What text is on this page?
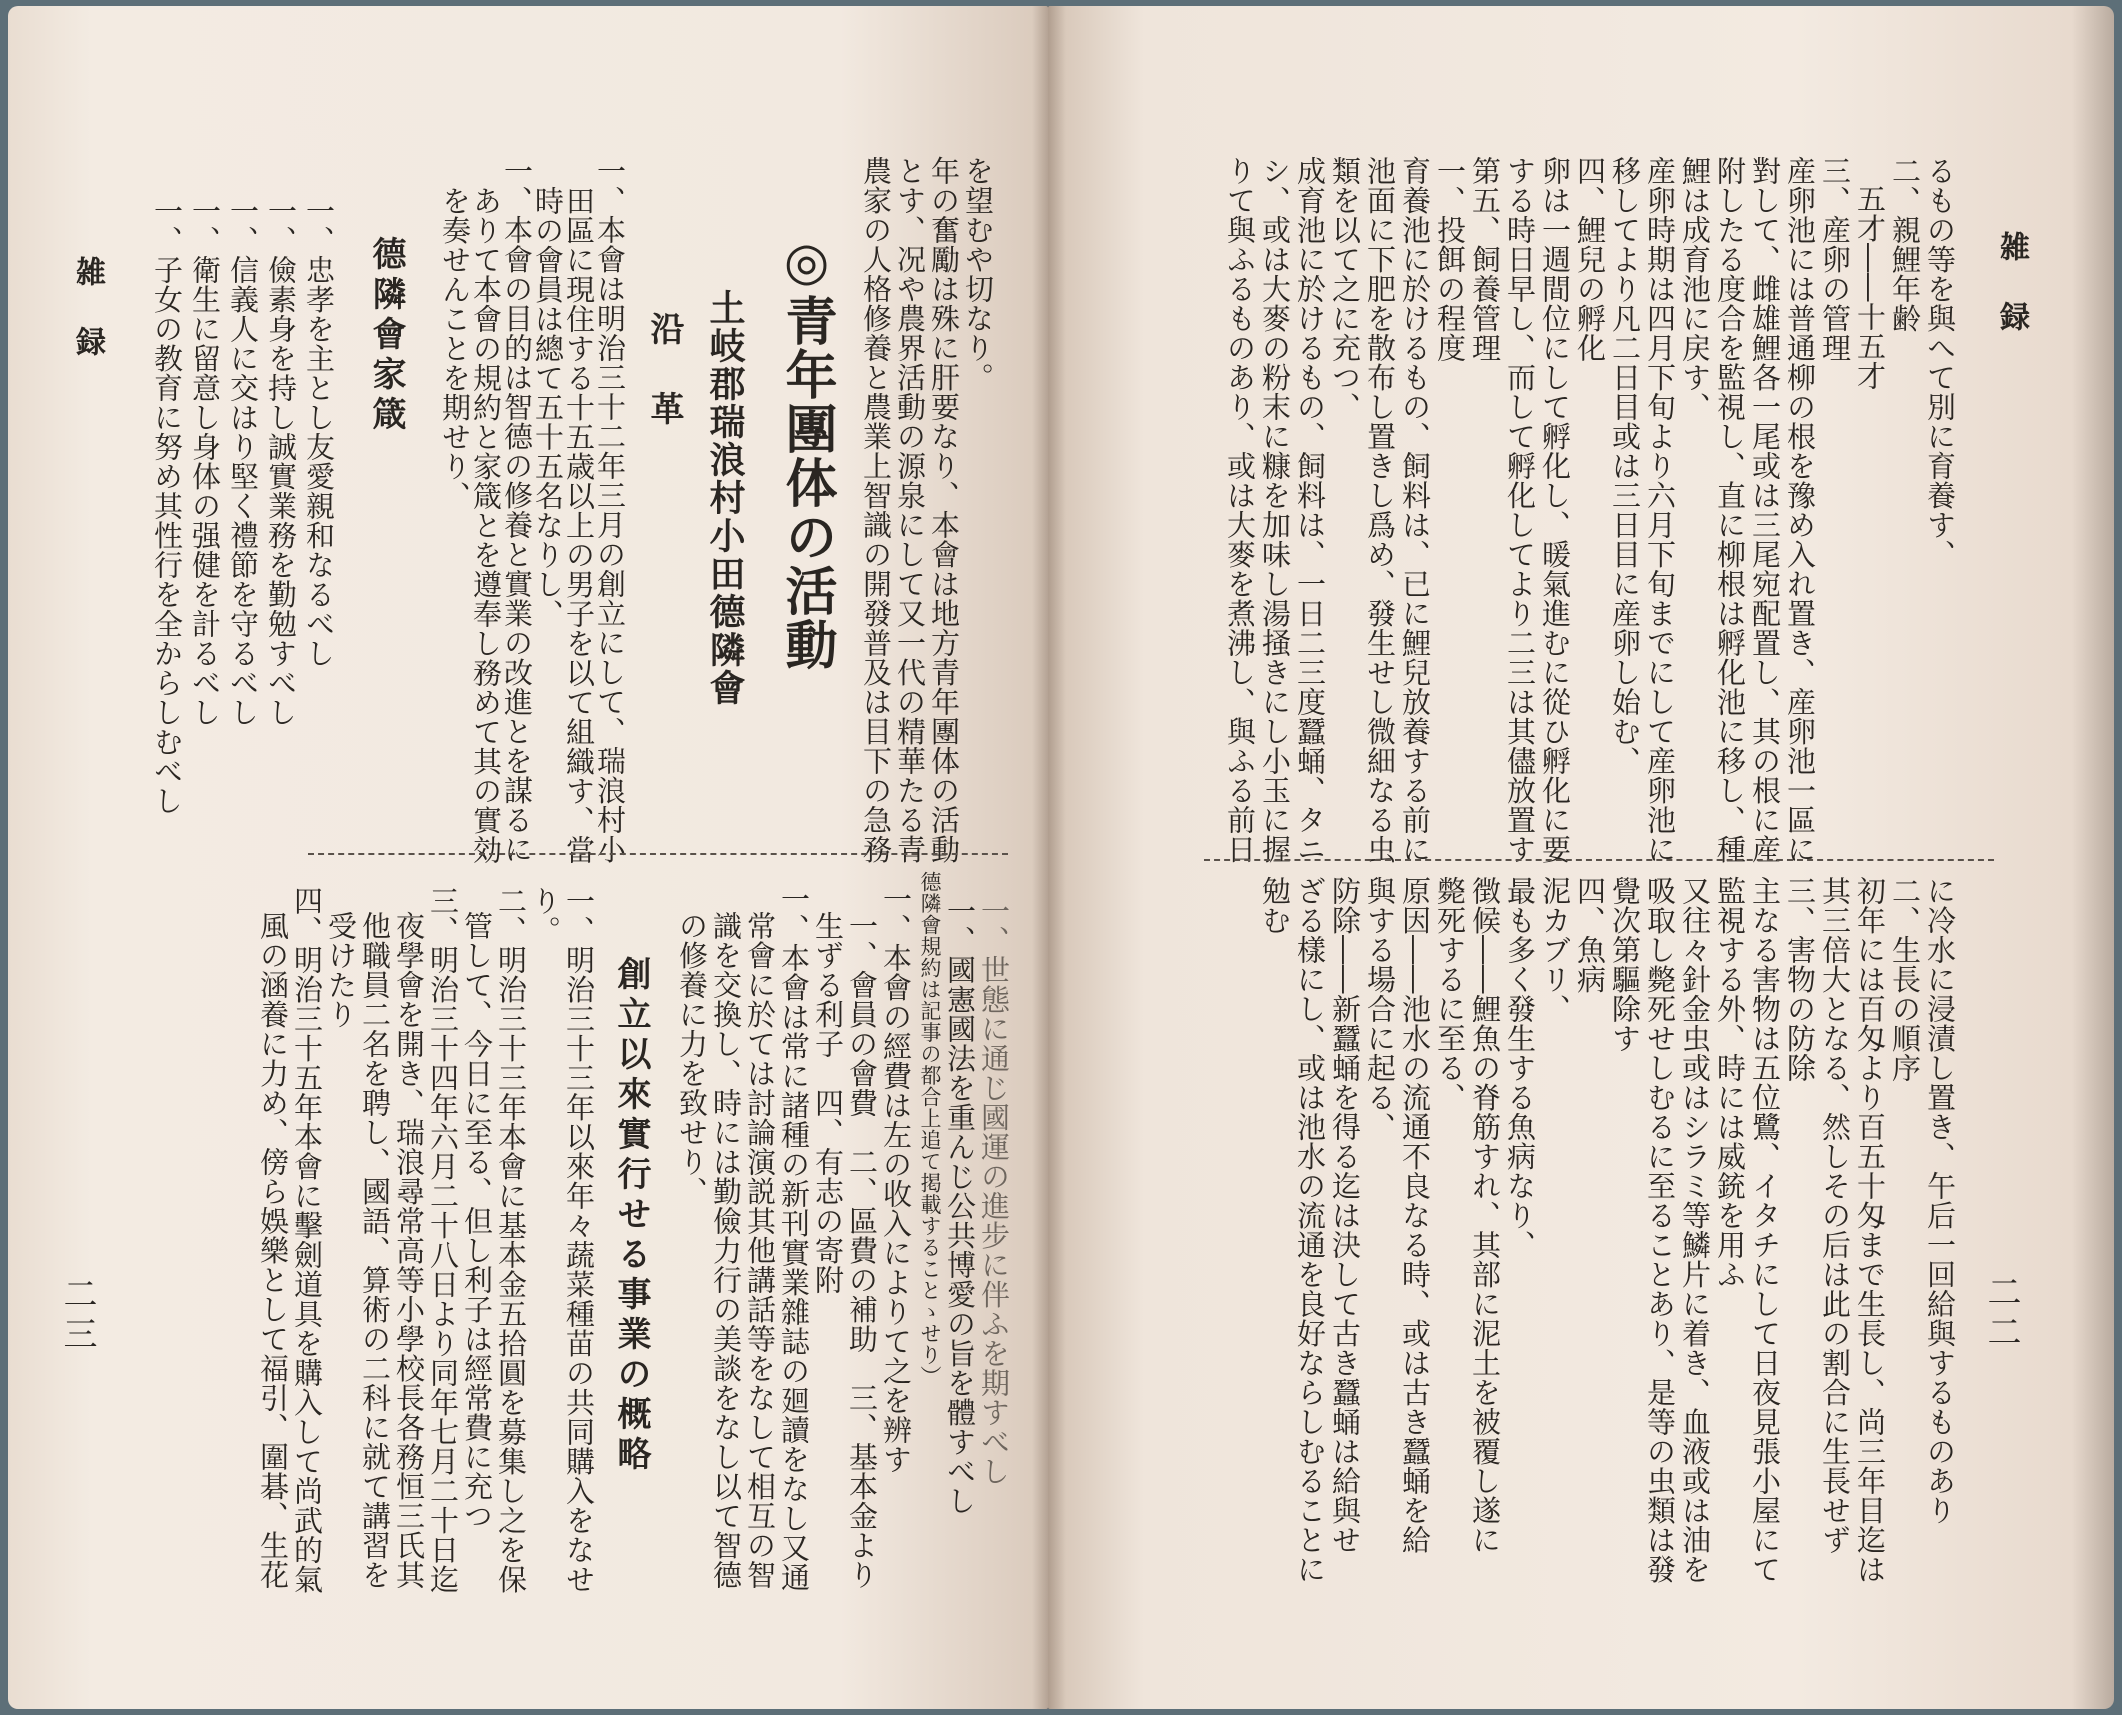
雑録
二三
◎青年團体の活動 農家の人格修養と農業上智識の開發普及は目下の急務 とす、况や農界活動の源泉にして又一代の精華たる青 年の奮勵は殊に肝要なり、本會は地方青年團体の活動 を望むや切なり。
土岐郡瑞浪村小田德隣會
沿　革
一、本會は明治三十二年三月の創立にして、瑞浪村小
田區に現住する十五歳以上の男子を以て組織す、當
時の會員は總て五十五名なりし、
一、本會の目的は智德の修養と實業の改進とを謀るに
ありて本會の規約と家箴とを遵奉し務めて其の實効
を奏せんことを期せり、
德隣會家箴
一、忠孝を主とし友愛親和なるべし
一、儉素身を持し誠實業務を勤勉すべし
一、信義人に交はり堅く禮節を守るべし
一、衛生に留意し身体の强健を計るべし
一、子女の教育に努め其性行を全からしむべし
一、世態に通じ國運の進步に伴ふを期すべし
一、國憲國法を重んじ公共博愛の旨を體すべし
德隣會規約は記事の都合上追て掲載することゝせり）
一、本會の經費は左の收入によりて之を辨す
一、會員の會費　二、區費の補助　三、基本金より
生ずる利子　四、有志の寄附
一、本會は常に諸種の新刊實業雜誌の廻讀をなし又通
常會に於ては討論演説其他講話等をなして相互の智
識を交換し、時には勤儉力行の美談をなし以て智德
の修養に力を致せり、
創立以來實行せる事業の概略
一、明治三十三年以來年々蔬菜種苗の共同購入をなせ
り。
二、明治三十三年本會に基本金五拾圓を募集し之を保
管して、今日に至る、但し利子は經常費に充つ
三、明治三十四年六月二十八日より同年七月二十日迄
夜學會を開き、瑞浪尋常高等小學校長各務恒三氏其
他職員二名を聘し、國語、算術の二科に就て講習を
受けたり
四、明治三十五年本會に擊劍道具を購入して尚武的氣
風の涵養に力め、傍ら娛樂として福引、圍碁、生花
雑録
二二
るもの等を與へて別に育養す、
二、親鯉年齢
五才――十五才
三、産卵の管理
産卵池には普通柳の根を豫め入れ置き、産卵池一區に
對して、雌雄鯉各一尾或は三尾宛配置し、其の根に産
附したる度合を監視し、直に柳根は孵化池に移し、種
鯉は成育池に戻す、
産卵時期は四月下旬より六月下旬までにして産卵池に
移してより凡二日目或は三日目に産卵し始む、
四、鯉兒の孵化
卵は一週間位にして孵化し、暖氣進むに從ひ孵化に要
する時日早し、而して孵化してより二三は其儘放置す
第五、飼養管理
一、投餌の程度
育養池に於けるもの、飼料は、已に鯉兒放養する前に
池面に下肥を散布し置きし爲め、發生せし微細なる虫
類を以て之に充つ、
成育池に於けるもの、飼料は、一日二三度蠶蛹、タニ
シ、或は大麥の粉末に糠を加味し湯掻きにし小玉に握
りて與ふるものあり、或は大麥を煮沸し、與ふる前日
に冷水に浸漬し置き、午后一回給與するものあり
二、生長の順序
初年には百匁より百五十匁まで生長し、尚三年目迄は
其三倍大となる、然しその后は此の割合に生長せず
三、害物の防除
主なる害物は五位鷺、イタチにして日夜見張小屋にて
監視する外、時には威銃を用ふ
又往々針金虫或はシラミ等鱗片に着き、血液或は油を
吸取し斃死せしむるに至ることあり、是等の虫類は發
覺次第驅除す
四、魚病
泥カブリ、
最も多く發生する魚病なり、
徴候――鯉魚の脊筋すれ、其部に泥土を被覆し遂に
斃死するに至る、
原因――池水の流通不良なる時、或は古き蠶蛹を給
與する場合に起る、
防除――新蠶蛹を得る迄は決して古き蠶蛹は給與せ
ざる樣にし、或は池水の流通を良好ならしむることに
勉む
